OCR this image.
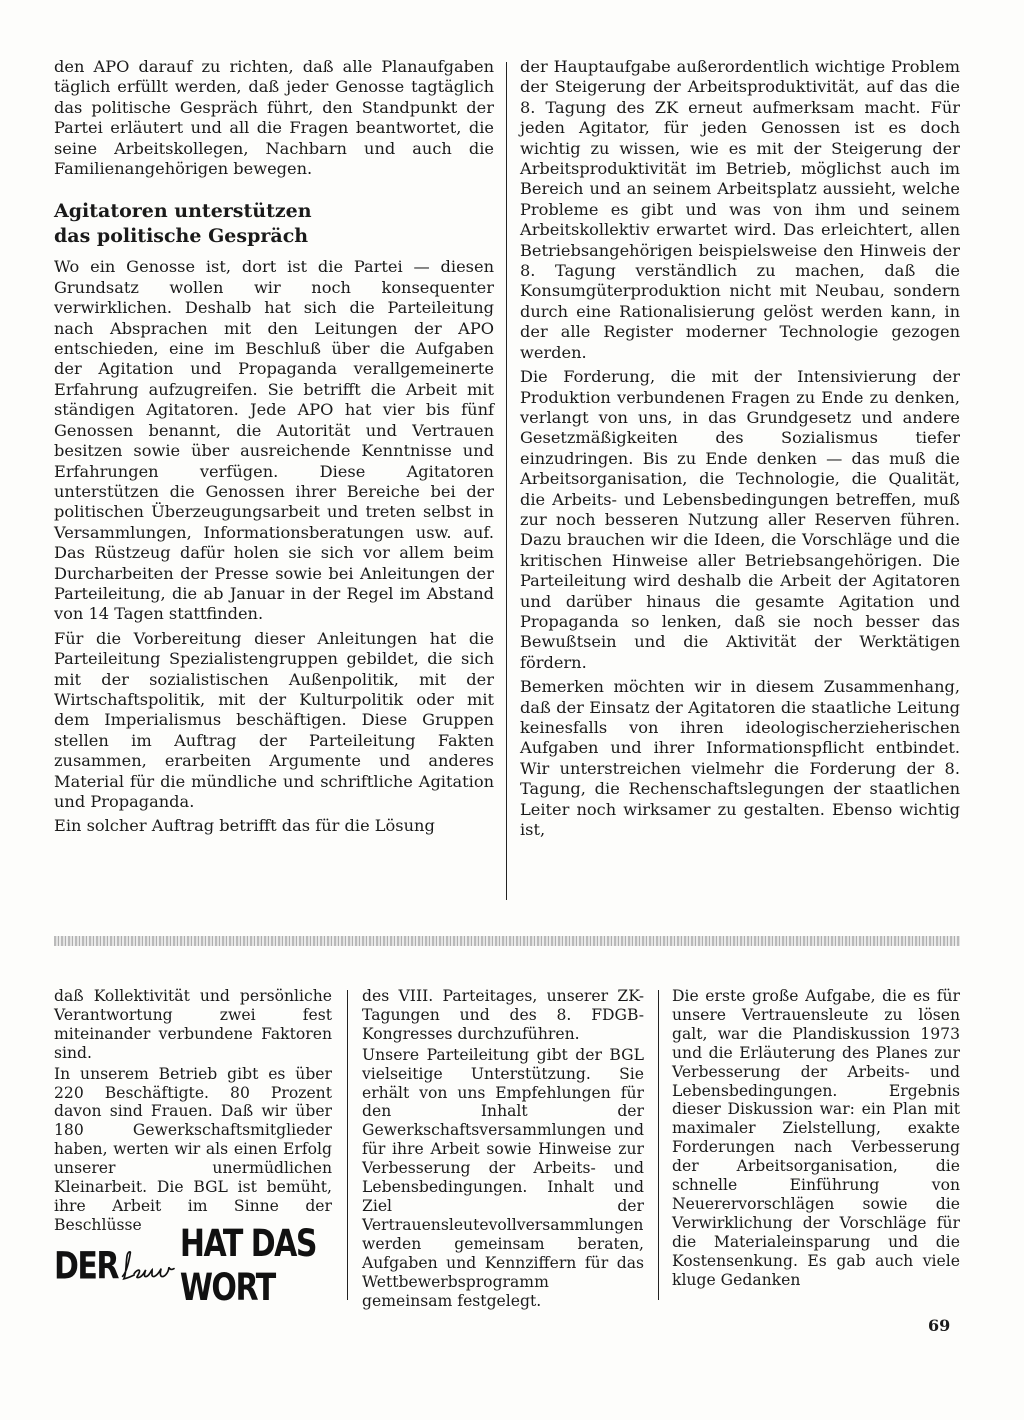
den APO darauf zu richten, daß alle Planaufgaben täglich erfüllt werden, daß jeder Genosse tagtäglich das politische Gespräch führt, den Standpunkt der Partei erläutert und all die Fragen beantwortet, die seine Arbeitskollegen, Nachbarn und auch die Familienangehörigen bewegen.

Agitatoren unterstützen
das politische Gespräch

Wo ein Genosse ist, dort ist die Partei — diesen Grundsatz wollen wir noch konsequenter verwirklichen. Deshalb hat sich die Parteileitung nach Absprachen mit den Leitungen der APO entschieden, eine im Beschluß über die Aufgaben der Agitation und Propaganda verallgemeinerte Erfahrung aufzugreifen. Sie betrifft die Arbeit mit ständigen Agitatoren. Jede APO hat vier bis fünf Genossen benannt, die Autorität und Vertrauen besitzen sowie über ausreichende Kenntnisse und Erfahrungen verfügen. Diese Agitatoren unterstützen die Genossen ihrer Bereiche bei der politischen Überzeugungsarbeit und treten selbst in Versammlungen, Informationsberatungen usw. auf. Das Rüstzeug dafür holen sie sich vor allem beim Durcharbeiten der Presse sowie bei Anleitungen der Parteileitung, die ab Januar in der Regel im Abstand von 14 Tagen stattfinden.

Für die Vorbereitung dieser Anleitungen hat die Parteileitung Spezialistengruppen gebildet, die sich mit der sozialistischen Außenpolitik, mit der Wirtschaftspolitik, mit der Kulturpolitik oder mit dem Imperialismus beschäftigen. Diese Gruppen stellen im Auftrag der Parteileitung Fakten zusammen, erarbeiten Argumente und anderes Material für die mündliche und schriftliche Agitation und Propaganda.

Ein solcher Auftrag betrifft das für die Lösung

der Hauptaufgabe außerordentlich wichtige Problem der Steigerung der Arbeitsproduktivität, auf das die 8. Tagung des ZK erneut aufmerksam macht. Für jeden Agitator, für jeden Genossen ist es doch wichtig zu wissen, wie es mit der Steigerung der Arbeitsproduktivität im Betrieb, möglichst auch im Bereich und an seinem Arbeitsplatz aussieht, welche Probleme es gibt und was von ihm und seinem Arbeitskollektiv erwartet wird. Das erleichtert, allen Betriebsangehörigen beispielsweise den Hinweis der 8. Tagung verständlich zu machen, daß die Konsumgüterproduktion nicht mit Neubau, sondern durch eine Rationalisierung gelöst werden kann, in der alle Register moderner Technologie gezogen werden.

Die Forderung, die mit der Intensivierung der Produktion verbundenen Fragen zu Ende zu denken, verlangt von uns, in das Grundgesetz und andere Gesetzmäßigkeiten des Sozialismus tiefer einzudringen. Bis zu Ende denken — das muß die Arbeitsorganisation, die Technologie, die Qualität, die Arbeits- und Lebensbedingungen betreffen, muß zur noch besseren Nutzung aller Reserven führen. Dazu brauchen wir die Ideen, die Vorschläge und die kritischen Hinweise aller Betriebsangehörigen. Die Parteileitung wird deshalb die Arbeit der Agitatoren und darüber hinaus die gesamte Agitation und Propaganda so lenken, daß sie noch besser das Bewußtsein und die Aktivität der Werktätigen fördern.

Bemerken möchten wir in diesem Zusammenhang, daß der Einsatz der Agitatoren die staatliche Leitung keinesfalls von ihren ideologischerzieherischen Aufgaben und ihrer Informationspflicht entbindet. Wir unterstreichen vielmehr die Forderung der 8. Tagung, die Rechenschaftslegungen der staatlichen Leiter noch wirksamer zu gestalten. Ebenso wichtig ist,

daß Kollektivität und persönliche Verantwortung zwei fest miteinander verbundene Faktoren sind.

In unserem Betrieb gibt es über 220 Beschäftigte. 80 Prozent davon sind Frauen. Daß wir über 180 Gewerkschaftsmitglieder haben, werten wir als einen Erfolg unserer unermüdlichen Kleinarbeit. Die BGL ist bemüht, ihre Arbeit im Sinne der Beschlüsse

des VIII. Parteitages, unserer ZK-Tagungen und des 8. FDGB-Kongresses durchzuführen.

Unsere Parteileitung gibt der BGL vielseitige Unterstützung. Sie erhält von uns Empfehlungen für den Inhalt der Gewerkschaftsversammlungen und für ihre Arbeit sowie Hinweise zur Verbesserung der Arbeits- und Lebensbedingungen. Inhalt und Ziel der Vertrauensleutevollversammlungen werden gemeinsam beraten, Aufgaben und Kennziffern für das Wettbewerbsprogramm gemeinsam festgelegt.

Die erste große Aufgabe, die es für unsere Vertrauensleute zu lösen galt, war die Plandiskussion 1973 und die Erläuterung des Planes zur Verbesserung der Arbeits- und Lebensbedingungen. Ergebnis dieser Diskussion war: ein Plan mit maximaler Zielstellung, exakte Forderungen nach Verbesserung der Arbeitsorganisation, die schnelle Einführung von Neuerervorschlägen sowie die Verwirklichung der Vorschläge für die Materialeinsparung und die Kostensenkung. Es gab auch viele kluge Gedanken

DER HAT DAS WORT
69
